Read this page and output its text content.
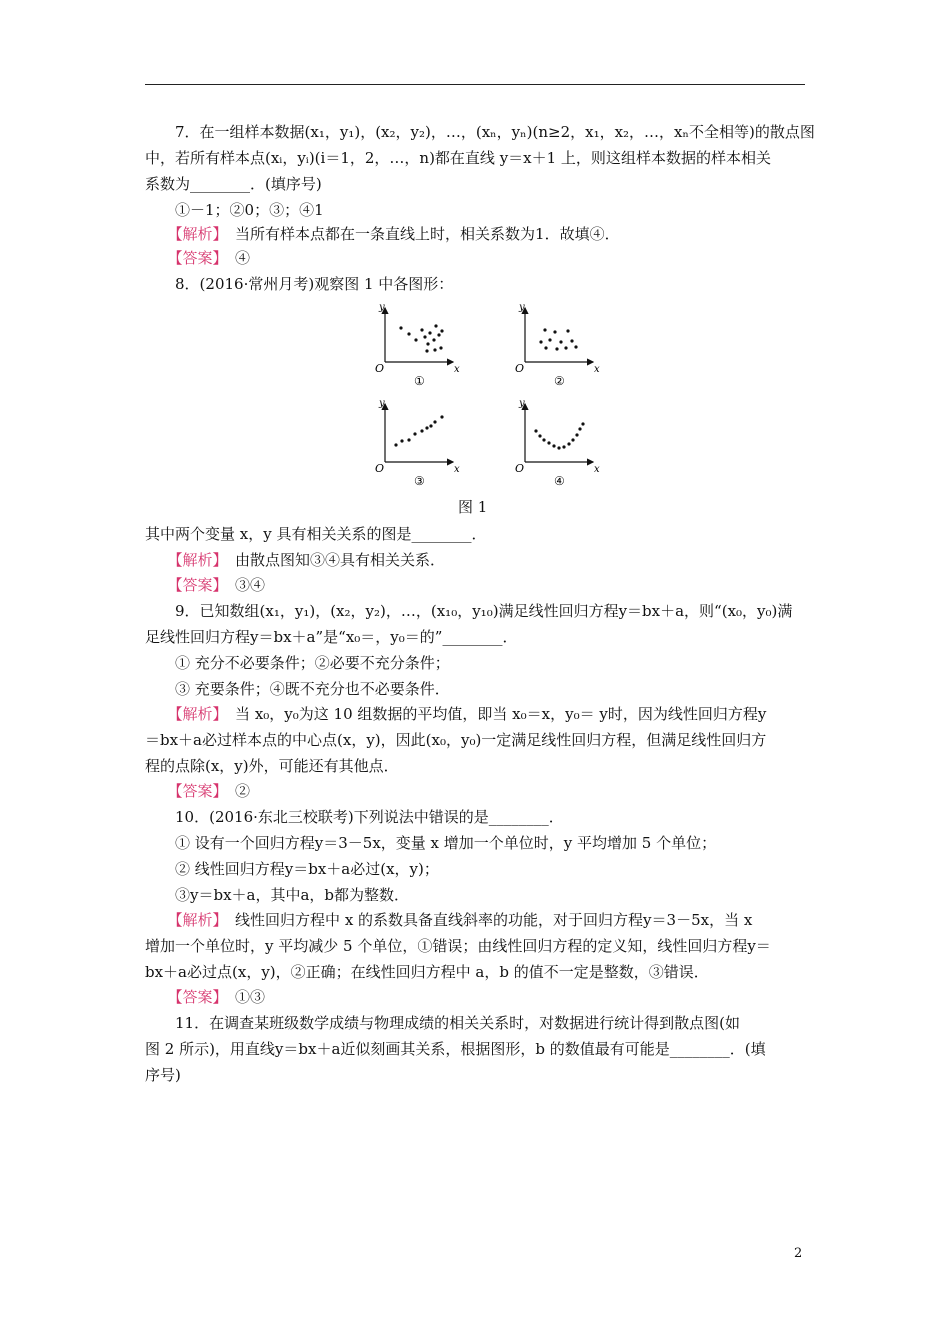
　　7．在一组样本数据(x₁，y₁)，(x₂，y₂)，…，(xₙ，yₙ)(n≥2，x₁，x₂，…，xₙ不全相等)的散点图
中，若所有样本点(xᵢ，yᵢ)(i＝1，2，…，n)都在直线 y＝x＋1 上，则这组样本数据的样本相关
系数为________．(填序号)
　　①－1；②0；③；④1
　　【解析】　 当所有样本点都在一条直线上时，相关系数为1．故填④．
　　【答案】　 ④
　　8．(2016·常州月考)观察图 1 中各图形：
y
x
O
①
y
x
O
②
y
x
O
③
y
x
O
④
图 1
其中两个变量 x，y 具有相关关系的图是________．
　　【解析】　 由散点图知③④具有相关关系．
　　【答案】　 ③④
　　9．已知数组(x₁，y₁)，(x₂，y₂)，…，(x₁₀，y₁₀)满足线性回归方程y＝bx＋a，则“(x₀，y₀)满
足线性回归方程y＝bx＋a”是“x₀＝，y₀＝的”________．
　　① 充分不必要条件；②必要不充分条件；
　　③ 充要条件；④既不充分也不必要条件．
　　【解析】　 当 x₀，y₀为这 10 组数据的平均值，即当 x₀＝x，y₀＝ y时，因为线性回归方程y
＝bx＋a必过样本点的中心点(x，y)，因此(x₀，y₀)一定满足线性回归方程，但满足线性回归方
程的点除(x，y)外，可能还有其他点．
　　【答案】　 ②
　　10．(2016·东北三校联考)下列说法中错误的是________．
　　① 设有一个回归方程y＝3－5x，变量 x 增加一个单位时，y 平均增加 5 个单位；
　　② 线性回归方程y＝bx＋a必过(x，y)；
　　③y＝bx＋a，其中a，b都为整数．
　　【解析】　 线性回归方程中 x 的系数具备直线斜率的功能，对于回归方程y＝3－5x，当 x
增加一个单位时，y 平均减少 5 个单位，①错误；由线性回归方程的定义知，线性回归方程y＝
bx＋a必过点(x，y)，②正确；在线性回归方程中 a，b 的值不一定是整数，③错误．
　　【答案】　 ①③
　　11．在调查某班级数学成绩与物理成绩的相关关系时，对数据进行统计得到散点图(如
图 2 所示)，用直线y＝bx＋a近似刻画其关系，根据图形，b 的数值最有可能是________．(填
序号)
2
